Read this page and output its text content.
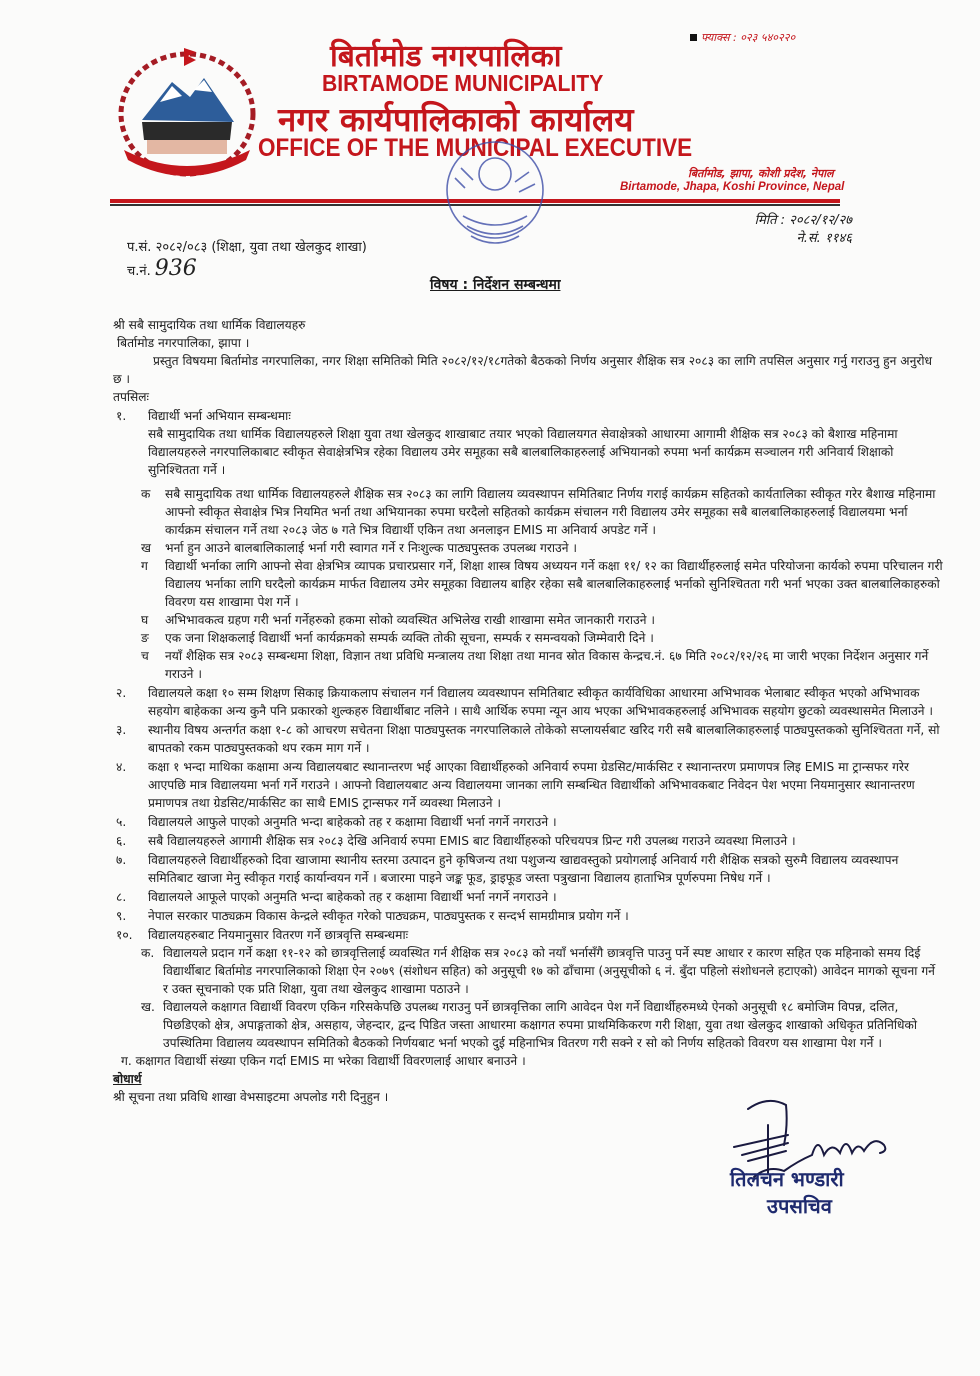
फ्याक्स : ०२३ ५४०२२०
बिर्तामोड नगरपालिका
BIRTAMODE MUNICIPALITY
नगर कार्यपालिकाको कार्यालय
OFFICE OF THE MUNICIPAL EXECUTIVE
बिर्तामोड, झापा, कोशी प्रदेश, नेपाल
Birtamode, Jhapa, Koshi Province, Nepal
प.सं. २०८२/०८३ (शिक्षा, युवा तथा खेलकुद शाखा)
च.नं. 936
मिति : २०८२/१२/२७
ने.सं. ११४६
विषय : निर्देशन सम्बन्धमा

श्री सबै सामुदायिक तथा धार्मिक विद्यालयहरु

बिर्तामोड नगरपालिका, झापा ।

प्रस्तुत विषयमा बिर्तामोड नगरपालिका, नगर शिक्षा समितिको मिति २०८२/१२/१८गतेको बैठकको निर्णय अनुसार शैक्षिक सत्र २०८३ का लागि तपसिल अनुसार गर्नु गराउनु हुन अनुरोध छ ।

तपसिलः

१.	विद्यार्थी भर्ना अभियान सम्बन्धमाः

सबै सामुदायिक तथा धार्मिक विद्यालयहरुले शिक्षा युवा तथा खेलकुद शाखाबाट तयार भएको विद्यालयगत सेवाक्षेत्रको आधारमा आगामी शैक्षिक सत्र २०८३ को बैशाख महिनामा विद्यालयहरुले नगरपालिकाबाट स्वीकृत सेवाक्षेत्रभित्र रहेका विद्यालय उमेर समूहका सबै बालबालिकाहरुलाई अभियानको रुपमा भर्ना कार्यक्रम सञ्चालन गरी अनिवार्य शिक्षाको सुनिश्चितता गर्ने ।

क	सबै सामुदायिक तथा धार्मिक विद्यालयहरुले शैक्षिक सत्र २०८३ का लागि विद्यालय व्यवस्थापन समितिबाट निर्णय गराई कार्यक्रम सहितको कार्यतालिका स्वीकृत गरेर बैशाख महिनामा आफ्नो स्वीकृत सेवाक्षेत्र भित्र नियमित भर्ना तथा अभियानका रुपमा घरदैलो सहितको कार्यक्रम संचालन गरी विद्यालय उमेर समूहका सबै बालबालिकाहरुलाई विद्यालयमा भर्ना कार्यक्रम संचालन गर्ने तथा २०८३ जेठ ७ गते भित्र विद्यार्थी एकिन तथा अनलाइन EMIS मा अनिवार्य अपडेट गर्ने ।

ख	भर्ना हुन आउने बालबालिकालाई भर्ना गरी स्वागत गर्ने र निःशुल्क पाठ्यपुस्तक उपलब्ध गराउने ।

ग	विद्यार्थी भर्नाका लागि आफ्नो सेवा क्षेत्रभित्र व्यापक प्रचारप्रसार गर्ने, शिक्षा शास्त्र विषय अध्ययन गर्ने कक्षा ११/ १२ का विद्यार्थीहरुलाई समेत परियोजना कार्यको रुपमा परिचालन गरी विद्यालय भर्नाका लागि घरदैलो कार्यक्रम मार्फत विद्यालय उमेर समूहका विद्यालय बाहिर रहेका सबै बालबालिकाहरुलाई भर्नाको सुनिश्चितता गरी भर्ना भएका उक्त बालबालिकाहरुको विवरण यस शाखामा पेश गर्ने ।

घ	अभिभावकत्व ग्रहण गरी भर्ना गर्नेहरुको हकमा सोको व्यवस्थित अभिलेख राखी शाखामा समेत जानकारी गराउने ।

ङ	एक जना शिक्षकलाई विद्यार्थी भर्ना कार्यक्रमको सम्पर्क व्यक्ति तोकी सूचना, सम्पर्क र समन्वयको जिम्मेवारी दिने ।

च	नयाँ शैक्षिक सत्र २०८३ सम्बन्धमा शिक्षा, विज्ञान तथा प्रविधि मन्त्रालय तथा शिक्षा तथा मानव स्रोत विकास केन्द्रच.नं. ६७ मिति २०८२/१२/२६ मा जारी भएका निर्देशन अनुसार गर्ने गराउने ।

२.	विद्यालयले कक्षा १० सम्म शिक्षण सिकाइ क्रियाकलाप संचालन गर्न विद्यालय व्यवस्थापन समितिबाट स्वीकृत कार्यविधिका आधारमा अभिभावक भेलाबाट स्वीकृत भएको अभिभावक सहयोग बाहेकका अन्य कुनै पनि प्रकारको शुल्कहरु विद्यार्थीबाट नलिने । साथै आर्थिक रुपमा न्यून आय भएका अभिभावकहरुलाई अभिभावक सहयोग छुटको व्यवस्थासमेत मिलाउने ।

३.	स्थानीय विषय अन्तर्गत कक्षा १-८ को आचरण सचेतना शिक्षा पाठ्यपुस्तक नगरपालिकाले तोकेको सप्लायर्सबाट खरिद गरी सबै बालबालिकाहरुलाई पाठ्यपुस्तकको सुनिश्चितता गर्ने, सो बापतको रकम पाठ्यपुस्तकको थप रकम माग गर्ने ।

४.	कक्षा १ भन्दा माथिका कक्षामा अन्य विद्यालयबाट स्थानान्तरण भई आएका विद्यार्थीहरुको अनिवार्य रुपमा ग्रेडसिट/मार्कसिट र स्थानान्तरण प्रमाणपत्र लिइ EMIS मा ट्रान्सफर गरेर आएपछि मात्र विद्यालयमा भर्ना गर्ने गराउने । आफ्नो विद्यालयबाट अन्य विद्यालयमा जानका लागि सम्बन्धित विद्यार्थीको अभिभावकबाट निवेदन पेश भएमा नियमानुसार स्थानान्तरण प्रमाणपत्र तथा ग्रेडसिट/मार्कसिट का साथै EMIS ट्रान्सफर गर्ने व्यवस्था मिलाउने ।

५.	विद्यालयले आफुले पाएको अनुमति भन्दा बाहेकको तह र कक्षामा विद्यार्थी भर्ना नगर्ने नगराउने ।

६.	सबै विद्यालयहरुले आगामी शैक्षिक सत्र २०८३ देखि अनिवार्य रुपमा EMIS बाट विद्यार्थीहरुको परिचयपत्र प्रिन्ट गरी उपलब्ध गराउने व्यवस्था मिलाउने ।

७.	विद्यालयहरुले विद्यार्थीहरुको दिवा खाजामा स्थानीय स्तरमा उत्पादन हुने कृषिजन्य तथा पशुजन्य खाद्यवस्तुको प्रयोगलाई अनिवार्य गरी शैक्षिक सत्रको सुरुमै विद्यालय व्यवस्थापन समितिबाट खाजा मेनु स्वीकृत गराई कार्यान्वयन गर्ने । बजारमा पाइने जङ्क फूड, ड्राइफूड जस्ता पत्रुखाना विद्यालय हाताभित्र पूर्णरुपमा निषेध गर्ने ।

८.	विद्यालयले आफूले पाएको अनुमति भन्दा बाहेकको तह र कक्षामा विद्यार्थी भर्ना नगर्ने नगराउने ।

९.	नेपाल सरकार पाठ्यक्रम विकास केन्द्रले स्वीकृत गरेको पाठ्यक्रम, पाठ्यपुस्तक र सन्दर्भ सामग्रीमात्र प्रयोग गर्ने ।

१०.	विद्यालयहरुबाट नियमानुसार वितरण गर्ने छात्रवृत्ति सम्बन्धमाः

क. विद्यालयले प्रदान गर्ने कक्षा ११-१२ को छात्रवृत्तिलाई व्यवस्थित गर्न शैक्षिक सत्र २०८३ को नयाँ भर्नासँगै छात्रवृत्ति पाउनु पर्ने स्पष्ट आधार र कारण सहित एक महिनाको समय दिई विद्यार्थीबाट बिर्तामोड नगरपालिकाको शिक्षा ऐन २०७९ (संशोधन सहित) को अनुसूची १७ को ढाँचामा (अनुसूचीको ६ नं. बुँदा पहिलो संशोधनले हटाएको) आवेदन मागको सूचना गर्ने र उक्त सूचनाको एक प्रति शिक्षा, युवा तथा खेलकुद शाखामा पठाउने ।

ख. विद्यालयले कक्षागत विद्यार्थी विवरण एकिन गरिसकेपछि उपलब्ध गराउनु पर्ने छात्रवृत्तिका लागि आवेदन पेश गर्ने विद्यार्थीहरुमध्ये ऐनको अनुसूची १८ बमोजिम विपन्न, दलित, पिछडिएको क्षेत्र, अपाङ्गताको क्षेत्र, असहाय, जेहन्दार, द्वन्द पिडित जस्ता आधारमा कक्षागत रुपमा प्राथमिकिकरण गरी शिक्षा, युवा तथा खेलकुद शाखाको अधिकृत प्रतिनिधिको उपस्थितिमा विद्यालय व्यवस्थापन समितिको बैठकको निर्णयबाट भर्ना भएको दुई महिनाभित्र वितरण गरी सक्ने र सो को निर्णय सहितको विवरण यस शाखामा पेश गर्ने ।

ग. कक्षागत विद्यार्थी संख्या एकिन गर्दा EMIS मा भरेका विद्यार्थी विवरणलाई आधार बनाउने ।

बोधार्थ

श्री सूचना तथा प्रविधि शाखा वेभसाइटमा अपलोड गरी दिनुहुन ।

तिलचन भण्डारी
उपसचिव
